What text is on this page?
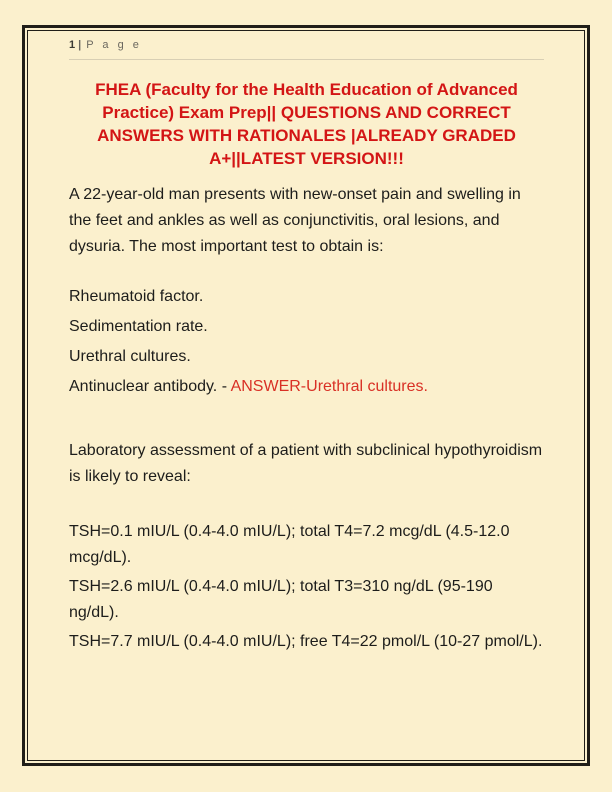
1 | P a g e
FHEA (Faculty for the Health Education of Advanced Practice) Exam Prep|| QUESTIONS AND CORRECT ANSWERS WITH RATIONALES |ALREADY GRADED A+||LATEST VERSION!!!

A 22-year-old man presents with new-onset pain and swelling in the feet and ankles as well as conjunctivitis, oral lesions, and dysuria. The most important test to obtain is:

Rheumatoid factor.

Sedimentation rate.

Urethral cultures.

Antinuclear antibody. - ANSWER-Urethral cultures.

Laboratory assessment of a patient with subclinical hypothyroidism is likely to reveal:

TSH=0.1 mIU/L (0.4-4.0 mIU/L); total T4=7.2 mcg/dL (4.5-12.0 mcg/dL).

TSH=2.6 mIU/L (0.4-4.0 mIU/L); total T3=310 ng/dL (95-190 ng/dL).

TSH=7.7 mIU/L (0.4-4.0 mIU/L); free T4=22 pmol/L (10-27 pmol/L).
